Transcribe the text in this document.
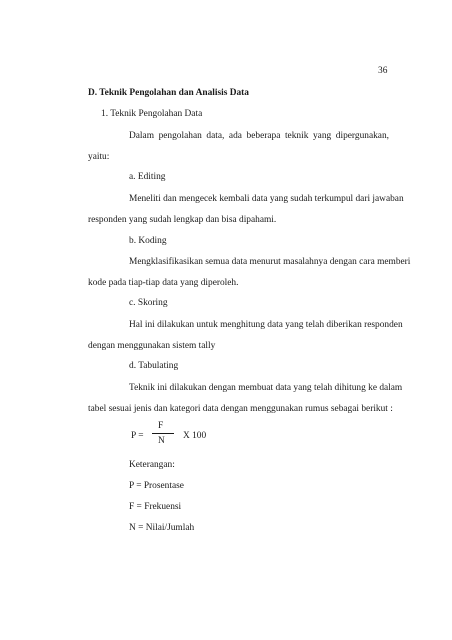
36
D. Teknik Pengolahan dan Analisis Data
1. Teknik Pengolahan Data
Dalam pengolahan data, ada beberapa teknik yang dipergunakan,
yaitu:
a. Editing
Meneliti dan mengecek kembali data yang sudah terkumpul dari jawaban
responden yang sudah lengkap dan bisa dipahami.
b. Koding
Mengklasifikasikan semua data menurut masalahnya dengan cara memberi
kode pada tiap-tiap data yang diperoleh.
c. Skoring
Hal ini dilakukan untuk menghitung data yang telah diberikan responden
dengan menggunakan sistem tally
d. Tabulating
Teknik ini dilakukan dengan membuat data yang telah dihitung ke dalam
tabel sesuai jenis dan kategori data dengan menggunakan rumus sebagai berikut :
P =
F
N X 100
Keterangan:
P = Prosentase
F = Frekuensi
N = Nilai/Jumlah
